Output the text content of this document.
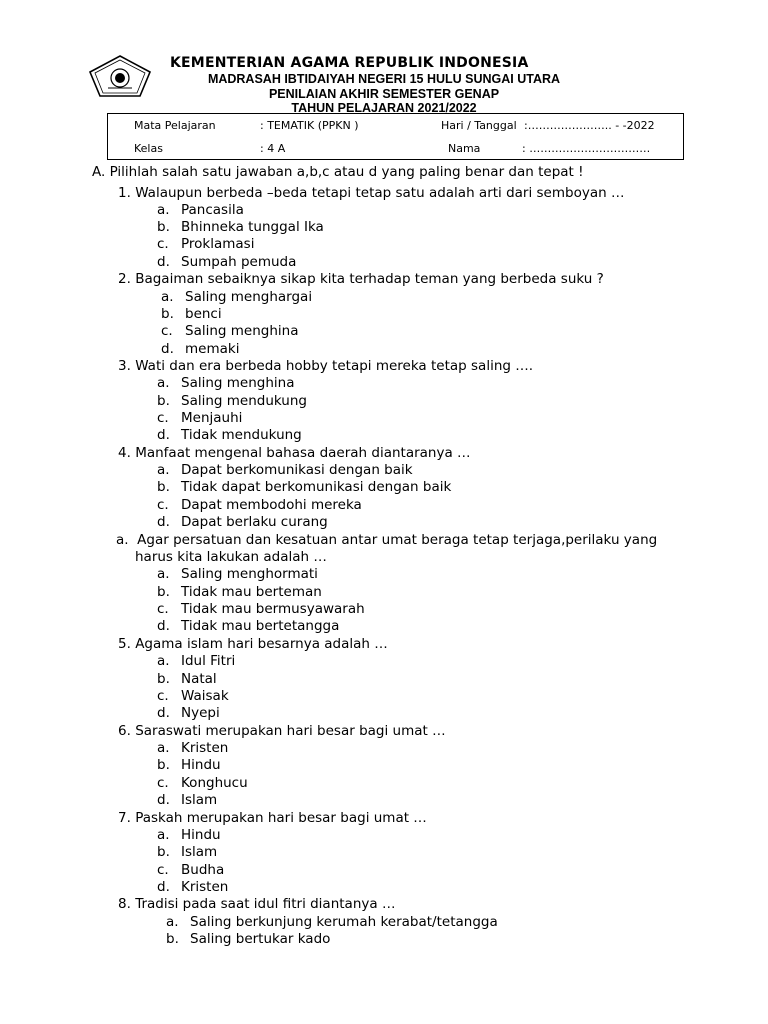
KEMENTERIAN AGAMA REPUBLIK INDONESIA
MADRASAH IBTIDAIYAH NEGERI 15 HULU SUNGAI UTARA
PENILAIAN AKHIR SEMESTER GENAP
TAHUN PELAJARAN 2021/2022
Mata Pelajaran	: TEMATIK (PPKN )	Hari / Tanggal :………………….. - -2022
Kelas	: 4 A	Nama	: ……………………………
A. Pilihlah salah satu jawaban a,b,c atau d yang paling benar dan tepat !
1. Walaupun berbeda –beda tetapi tetap satu adalah arti dari semboyan …
a. Pancasila
b. Bhinneka tunggal Ika
c. Proklamasi
d. Sumpah pemuda
2. Bagaiman sebaiknya sikap kita terhadap teman yang berbeda suku ?
a. Saling menghargai
b. benci
c. Saling menghina
d. memaki
3. Wati dan era berbeda hobby tetapi mereka tetap saling ….
a. Saling menghina
b. Saling mendukung
c. Menjauhi
d. Tidak mendukung
4. Manfaat mengenal bahasa daerah diantaranya …
a. Dapat berkomunikasi dengan baik
b. Tidak dapat berkomunikasi dengan baik
c. Dapat membodohi mereka
d. Dapat berlaku curang
a. Agar persatuan dan kesatuan antar umat beraga tetap terjaga,perilaku yang
harus kita lakukan adalah …
a. Saling menghormati
b. Tidak mau berteman
c. Tidak mau bermusyawarah
d. Tidak mau bertetangga
5. Agama islam hari besarnya adalah …
a. Idul Fitri
b. Natal
c. Waisak
d. Nyepi
6. Saraswati merupakan hari besar bagi umat …
a. Kristen
b. Hindu
c. Konghucu
d. Islam
7. Paskah merupakan hari besar bagi umat …
a. Hindu
b. Islam
c. Budha
d. Kristen
8. Tradisi pada saat idul fitri diantanya …
a. Saling berkunjung kerumah kerabat/tetangga
b. Saling bertukar kado
